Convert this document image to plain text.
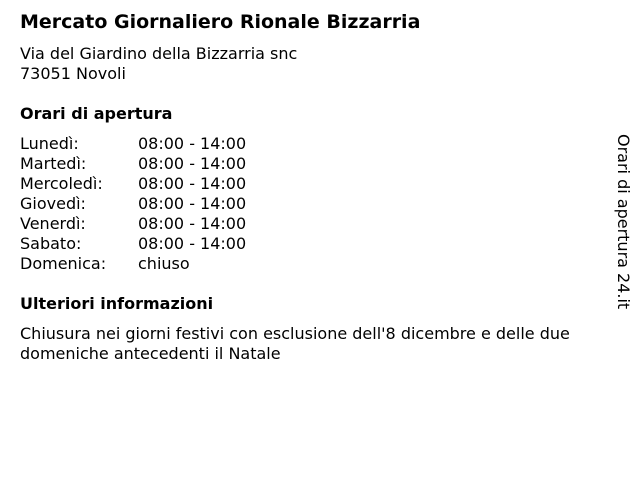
Mercato Giornaliero Rionale Bizzarria
Via del Giardino della Bizzarria snc
73051 Novoli
Orari di apertura
Lunedì:	08:00 - 14:00
Martedì:	08:00 - 14:00
Mercoledì:	08:00 - 14:00
Giovedì:	08:00 - 14:00
Venerdì:	08:00 - 14:00
Sabato:	08:00 - 14:00
Domenica:	chiuso
Ulteriori informazioni
Chiusura nei giorni festivi con esclusione dell'8 dicembre e delle due domeniche antecedenti il Natale
Orari di apertura 24.it
